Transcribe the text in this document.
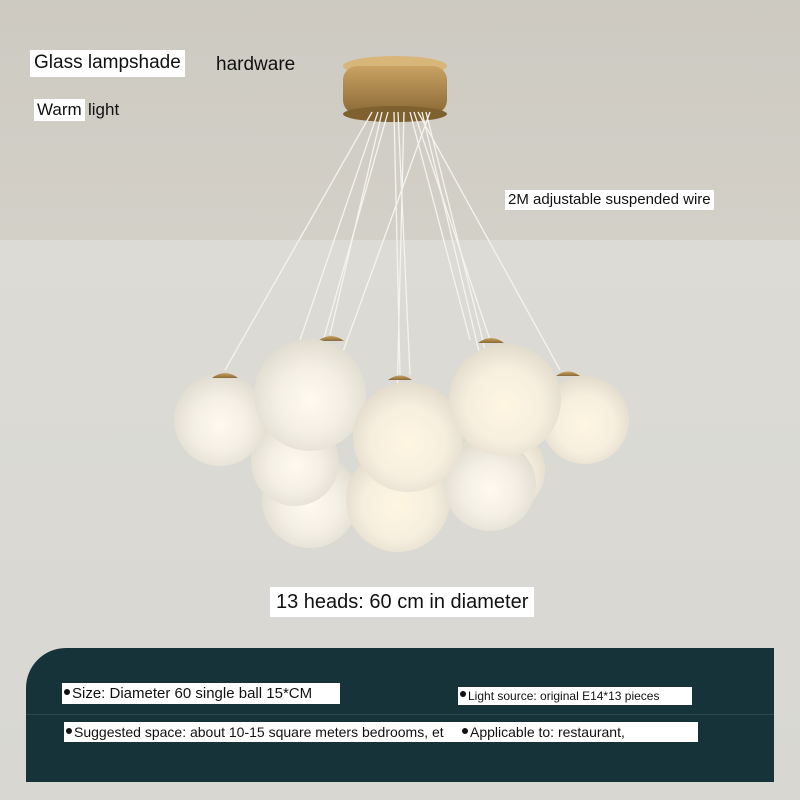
Glass lampshade hardware
Warm light
2M adjustable suspended wire
13 heads: 60 cm in diameter
Size: Diameter 60 single ball 15*CM	Light source: original E14*13 pieces
Suggested space: about 10-15 square meters bedrooms, et	Applicable to: restaurant,
